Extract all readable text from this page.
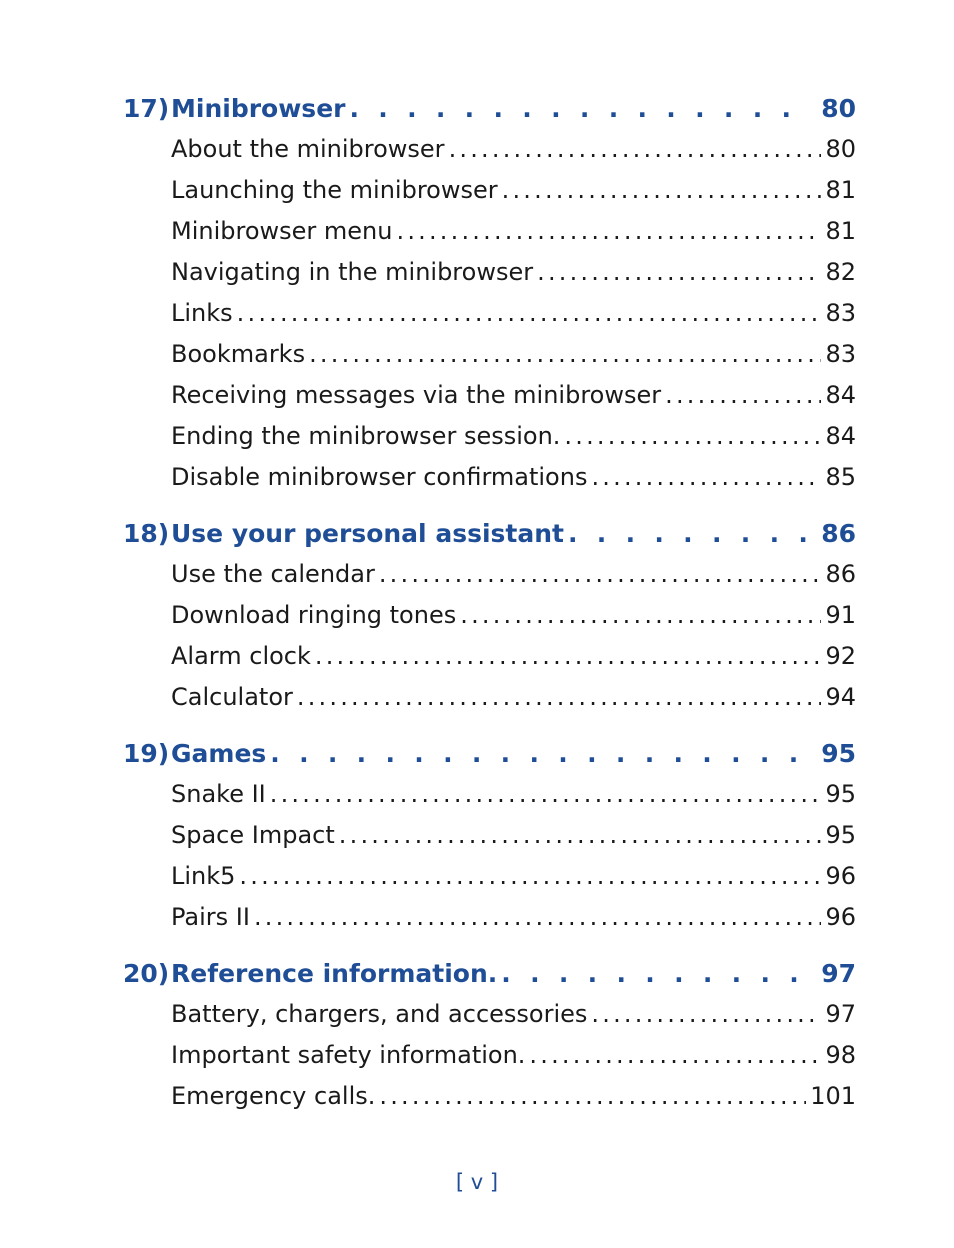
17) Minibrowser . . .	80
About the minibrowser .....	80
Launching the minibrowser .....	81
Minibrowser menu .....	81
Navigating in the minibrowser .....	82
Links .....	83
Bookmarks .....	83
Receiving messages via the minibrowser .....	84
Ending the minibrowser session. .....	84
Disable minibrowser confirmations .....	85
18) Use your personal assistant . . .	86
Use the calendar .....	86
Download ringing tones .....	91
Alarm clock .....	92
Calculator .....	94
19) Games . . .	95
Snake II .....	95
Space Impact .....	95
Link5 .....	96
Pairs II .....	96
20) Reference information. . . .	97
Battery, chargers, and accessories .....	97
Important safety information. .....	98
Emergency calls. .....	101
[ v ]
